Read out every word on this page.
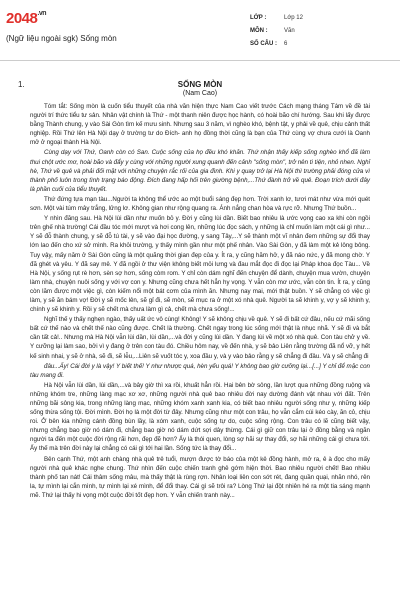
$2048^{.vn}$
(Ngữ liệu ngoài sgk) Sống mòn
LỚP :	Lớp 12
MÔN :	Văn
SỐ CÂU :	6
1.	SỐNG MÒN
(Nam Cao)

Tóm tắt: Sống mòn là cuốn tiểu thuyết của nhà văn hiện thực Nam Cao viết trước Cách mạng tháng Tám về đề tài người trí thức tiểu tư sản. Nhân vật chính là Thứ - một thanh niên được học hành, có hoài bão chí hướng. Sau khi lấy được bằng Thành chung, y vào Sài Gòn tìm kế mưu sinh. Nhưng sau 3 năm, vì nghèo khó, bệnh tật, y phải về quê, chịu cảnh thất nghiệp. Rồi Thứ lên Hà Nội dạy ở trường tư do Đích- anh họ đồng thời cũng là bạn của Thứ cùng vợ chưa cưới là Oanh mở ở ngoại thành Hà Nội.

Cùng dạy với Thứ, Oanh còn có San. Cuộc sống của họ đều khó khăn. Thứ nhận thấy kiếp sống nghèo khổ đã làm thui chột ước mơ, hoài bão và đẩy y cùng với những người xung quanh đến cảnh "sống mòn", trở nên ti tiện, nhỏ nhen. Nghỉ hè, Thứ về quê và phải đối mặt với những chuyện rắc rối của gia đình. Khi y quay trở lại Hà Nội thì trường phải đóng cửa vì thành phố luôn trong tình trạng báo động. Đích đang hấp hối trên giường bệnh,...Thứ đành trở về quê. Đoạn trích dưới đây là phần cuối của tiểu thuyết.

Thứ đứng tựa mạn tàu...Người ta không thể ước ao một buổi sáng đẹp hơn. Trời xanh lơ, tươi mát như vừa mới quét sơn. Một vài túm mây trắng, lửng lơ. Không gian như rộng quang ra. Ánh nắng chan hòa và rực rỡ. Nhưng Thứ buồn...

Y nhìn đăng sau. Hà Nội lùi dần như muốn bỏ y. Đời y cũng lùi dần. Biết bao nhiêu là ước vọng cao xa khi còn ngồi trên ghế nhà trường! Cái đầu tóc mới mượt và hơi cong lên, những lúc đọc sách, y những là chỉ muốn làm một cái gì như... Y sẽ đỗ thành chung, y sẽ đỗ tú tài, y sẽ vào đại học đường, y sang Tây,...Y sẽ thành một vĩ nhân đem những sự đổi thay lớn lao đến cho xứ sở mình. Ra khỏi trường, y thấy mình gần như một phế nhân. Vào Sài Gòn, y đã làm một kẻ lông bông. Tuy vậy, mấy năm ở Sài Gòn cũng là một quãng thời gian đẹp của y. Ít ra, y cũng hăm hở, y đã náo nức, y đã mong chờ. Y đã ghét và yêu. Y đã say mê. Y đã ngồi ở thư viện không biết mỏi lưng và đau mắt đọc đi đọc lại Pháp khoa đọc Tàu... Về Hà Nội, y sống rụt rè hơn, sèn sợ hơn, sống còm rom. Y chỉ còn dám nghĩ đến chuyện để dành, chuyện mua vườn, chuyện làm nhà, chuyện nuôi sống y với vợ con y. Nhưng cũng chưa hết hẳn hy vọng. Y vẫn còn mơ ước, vẫn còn tin. Ít ra, y cũng còn lăm được một việc gì, còn kiếm nổi một bát cơm của mình ăn. Nhưng nay mai, mới thật buồn. Y sẽ chẳng có việc gì làm, y sẽ ăn bám vợ! Đời y sẽ mốc lên, sẽ gỉ đi, sẽ mòn, sẽ mục ra ở một xó nhà quê. Người ta sẽ khinh y, vợ y sẽ khinh y, chính y sẽ khinh y. Rồi y sẽ chết mà chưa làm gì cả, chết mà chưa sống!...

Nghĩ thế y thấy nghẹn ngào, thấy uất ức vô cùng! Không! Y sẽ không chịu về quê. Y sẽ đi bất cứ đâu, nếu cứ mãi sống bất cứ thế nào và chết thế nào cũng được. Chết là thường. Chết ngay trong lúc sống mới thật là nhục nhã. Y sẽ đi và bắt cần tất cả!.. Nhưng mà Hà Nội vẫn lùi dần, lùi dần,...và đời y cũng lùi dần. Y đang lùi về một xó nhà quê. Con tàu chở y về. Y cưỡng lại làm sao, bởi vì y đang ở trên con tàu đó. Chiều hôm nay, về đến nhà, y sẽ bảo Liên rằng trường đã nổ vỡ, y hết kế sinh nhai, y sẽ ở nhà, sẽ đi, sẽ lễu,...Liên sẽ vuốt tóc y, xoa đầu y, và y vào bảo rằng y sẽ chẳng đi đâu. Và y sẽ chẳng đi

đâu...Ấy! Cái đời y là vậy! Y biết thế! Y như nhược quá, hèn yếu quá! Y không bao giờ cưỡng lại...[...] Y chỉ để mặc con tàu mang đi.

Hà Nội vẫn lùi dần, lùi dần,...và bây giờ thì xa rồi, khuất hẳn rồi. Hai bên bờ sông, lần lượt qua những đồng ruộng và những khóm tre, những làng mạc xơ xơ, những người nhà quê bao nhiêu đời nay dường đánh vật nhau với đất. Trên những bãi sông kia, trong những làng mạc, những khóm xanh xanh kia, có biết bao nhiêu người sống như y, những kiếp sống thừa sống tội. Đời mình. Đời họ là một đời từ đây. Nhưng cũng như một con trâu, họ vẫn cắm cúi kéo cày, ăn cỏ, chịu roi. Ở bên kia những cánh đồng bùn lầy, là xóm xanh, cuộc sống tự do, cuộc sống rộng. Con trâu có lẽ cũng biết vậy, nhưng chẳng bao giờ nó dám đi, chẳng bao giờ nó dám dứt sợi dây thừng. Cái gì giữ con trâu lại ở đồng bằng và ngăn người ta đến một cuộc đời rộng rãi hơn, đẹp đẽ hơn? Ấy là thói quen, lòng sợ hãi sự thay đổi, sợ hãi những cái gì chưa tới. Ấy thế mà trên đời này lại chẳng có cái gì tới hai lần. Sống tức là thay đổi...

Bên cạnh Thứ, một anh chàng nhà quê trẻ tuổi, mượn được tờ báo của một kẻ đồng hành, mở ra, ê à đọc cho mấy người nhà quê khác nghe chung. Thứ nhìn đến cuộc chiến tranh ghê gớm hiện thời. Bao nhiêu người chết! Bao nhiêu thành phố tan nát! Cái thâm sống mâu, mà thấy thật là rùng rợn. Nhân loại liên con sớt rét, đang quần quại, nhăn nhó, rên la, tự mình lại cắn mình, tự mình lại xé mình, để đổi thay. Cái gì sẽ trôi ra? Lòng Thứ lại đột nhiên hé ra một tia sáng mạnh mẽ. Thứ lại thấy hi vọng một cuộc đời tốt đẹp hơn. Y vẫn chiến tranh này...
